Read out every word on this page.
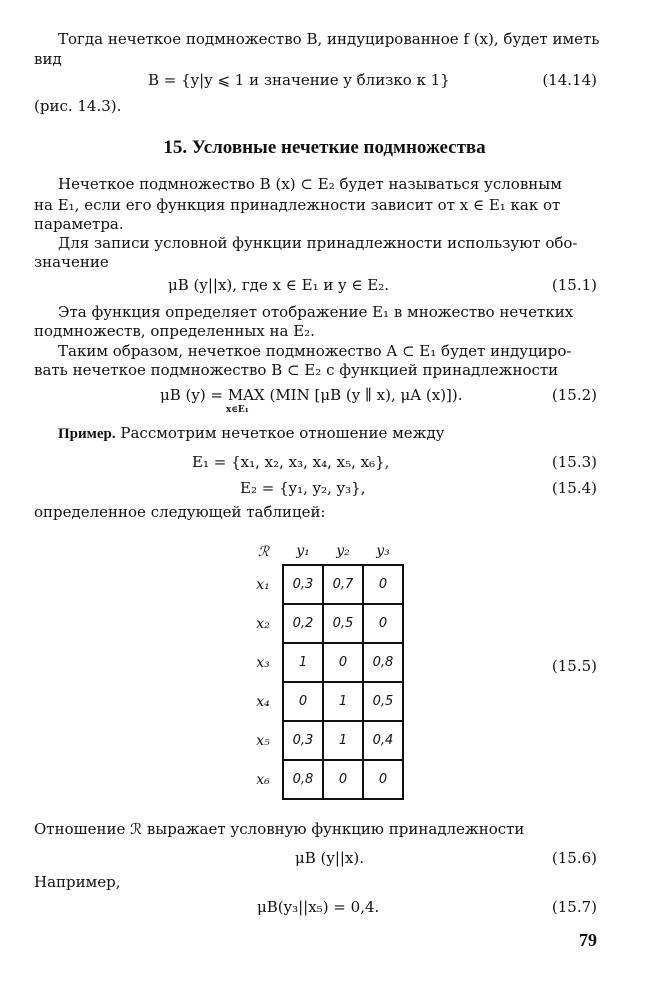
Тогда нечеткое подмножество B, индуцированное f (x), будет иметь
вид
B = {y|y ⩽ 1 и значение y близко к 1}	(14.14)
(рис. 14.3).
15. Условные нечеткие подмножества
Нечеткое подмножество B (x) ⊂ E₂ будет называться условным
на E₁, если его функция принадлежности зависит от x ∈ E₁ как от
параметра.
Для записи условной функции принадлежности используют обо-
значение
μB (y||x), где x ∈ E₁ и y ∈ E₂.	(15.1)
Эта функция определяет отображение E₁ в множество нечетких
подмножеств, определенных на E₂.
Таким образом, нечеткое подмножество A ⊂ E₁ будет индуциро-
вать нечеткое подмножество B ⊂ E₂ с функцией принадлежности
μB (y) = MAX
x∈E₁
(MIN [μB (y ∥ x), μA (x)]).	(15.2)
Пример. Рассмотрим нечеткое отношение между
E₁ = {x₁, x₂, x₃, x₄, x₅, x₆},	(15.3)
E₂ = {y₁, y₂, y₃},	(15.4)
определенное следующей таблицей:
ℛ	y₁	y₂	y₃
x₁	0,3	0,7	0
x₂	0,2	0,5	0
x₃	1	0	0,8
x₄	0	1	0,5
x₅	0,3	1	0,4
x₆	0,8	0	0
(15.5)
Отношение ℛ выражает условную функцию принадлежности
μB (y||x).	(15.6)
Например,
μB(y₃||x₅) = 0,4.	(15.7)
79
